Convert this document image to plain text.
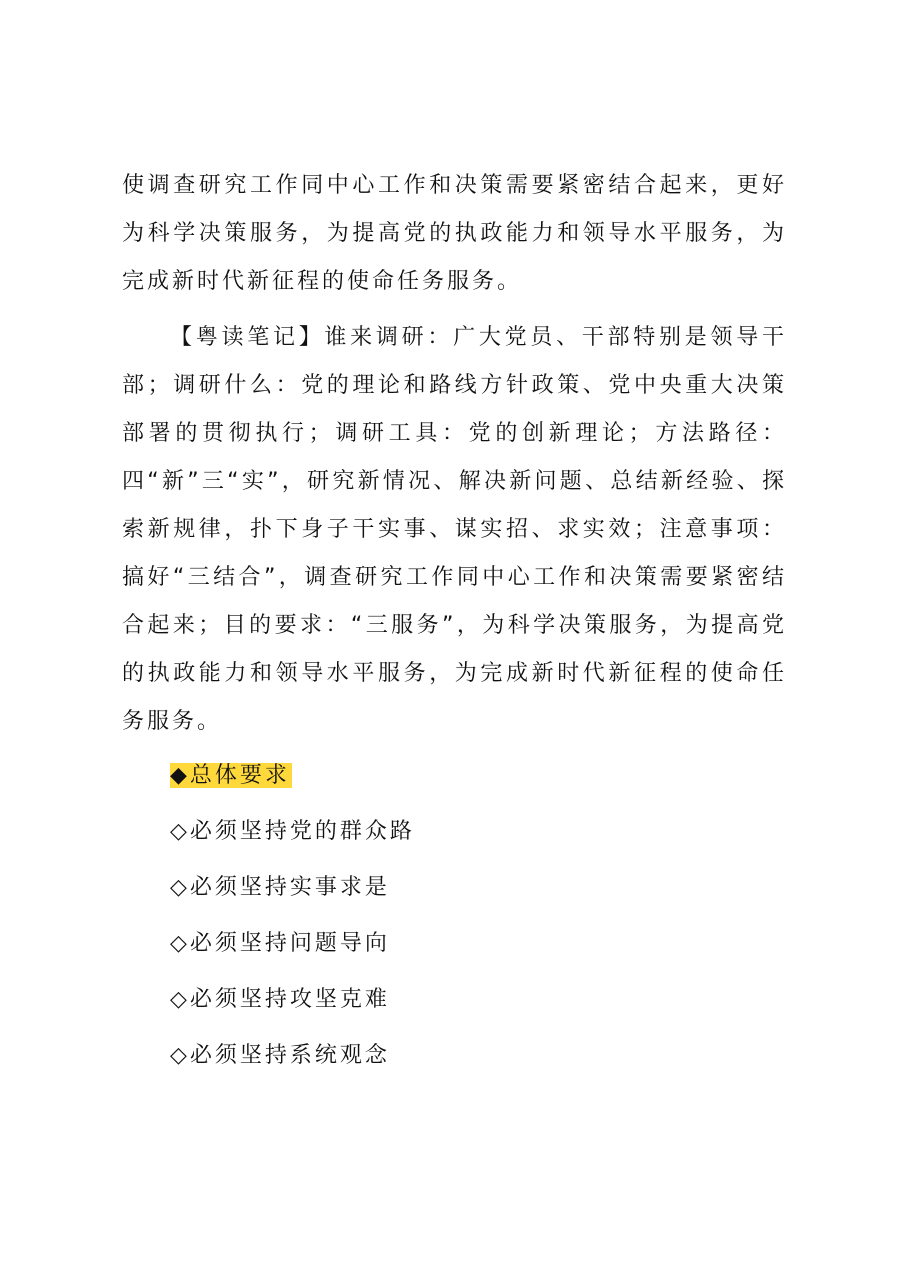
使调查研究工作同中心工作和决策需要紧密结合起来，更好为科学决策服务，为提高党的执政能力和领导水平服务，为完成新时代新征程的使命任务服务。
【粤读笔记】谁来调研：广大党员、干部特别是领导干部；调研什么：党的理论和路线方针政策、党中央重大决策部署的贯彻执行；调研工具：党的创新理论；方法路径：四“新”三“实”，研究新情况、解决新问题、总结新经验、探索新规律，扑下身子干实事、谋实招、求实效；注意事项：搞好“三结合”，调查研究工作同中心工作和决策需要紧密结合起来；目的要求：“三服务”，为科学决策服务，为提高党的执政能力和领导水平服务，为完成新时代新征程的使命任务服务。
◆总体要求
◇必须坚持党的群众路
◇必须坚持实事求是
◇必须坚持问题导向
◇必须坚持攻坚克难
◇必须坚持系统观念
